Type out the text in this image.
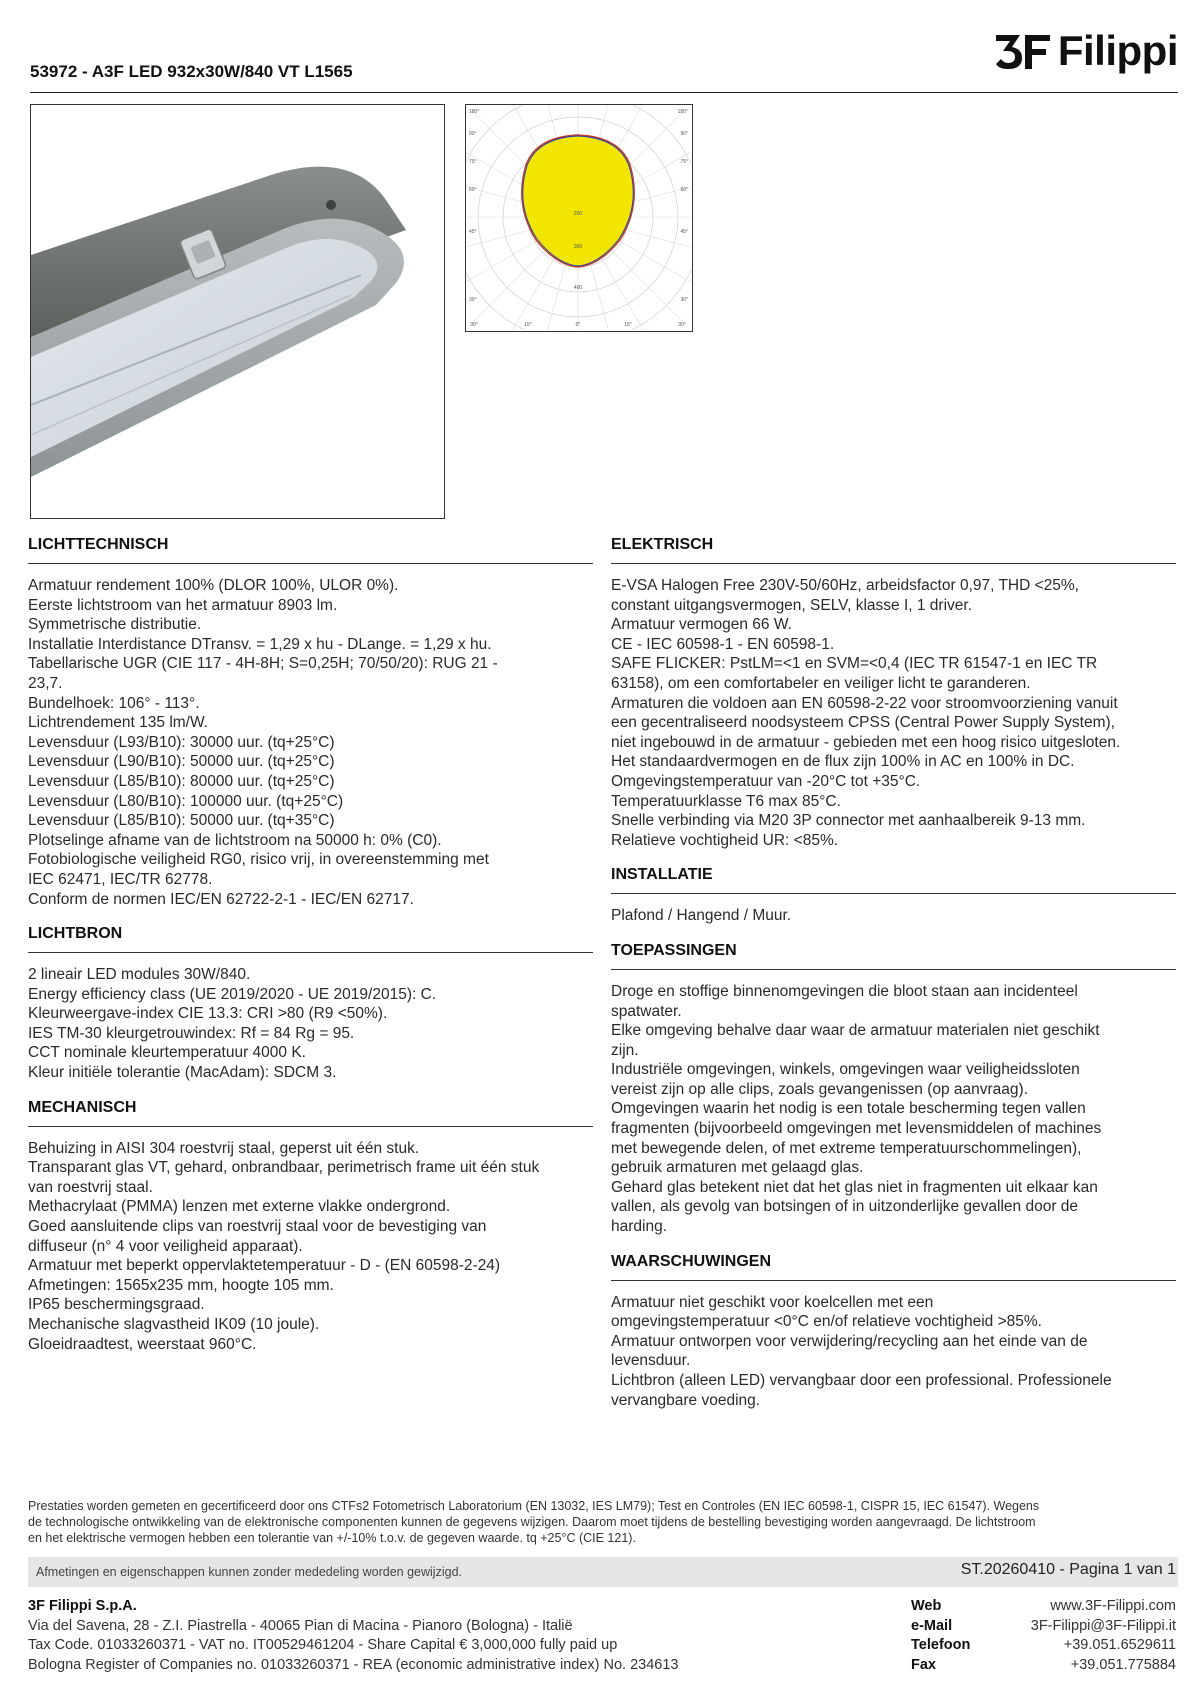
53972 - A3F LED 932x30W/840 VT L1565	Filippi
180°
90°
75°
60°
45°
30°
180°
90°
75°
60°
45°
30°
30°	15°	0°	15°	30°
200
300
400
LICHTTECHNISCH
Armatuur rendement 100% (DLOR 100%, ULOR 0%).
Eerste lichtstroom van het armatuur 8903 lm.
Symmetrische distributie.
Installatie Interdistance DTransv. = 1,29 x hu - DLange. = 1,29 x hu.
Tabellarische UGR (CIE 117 - 4H-8H; S=0,25H; 70/50/20): RUG 21 -
23,7.
Bundelhoek: 106° - 113°.
Lichtrendement 135 lm/W.
Levensduur (L93/B10): 30000 uur. (tq+25°C)
Levensduur (L90/B10): 50000 uur. (tq+25°C)
Levensduur (L85/B10): 80000 uur. (tq+25°C)
Levensduur (L80/B10): 100000 uur. (tq+25°C)
Levensduur (L85/B10): 50000 uur. (tq+35°C)
Plotselinge afname van de lichtstroom na 50000 h: 0% (C0).
Fotobiologische veiligheid RG0, risico vrij, in overeenstemming met
IEC 62471, IEC/TR 62778.
Conform de normen IEC/EN 62722-2-1 - IEC/EN 62717.
LICHTBRON
2 lineair LED modules 30W/840.
Energy efficiency class (UE 2019/2020 - UE 2019/2015): C.
Kleurweergave-index CIE 13.3: CRI >80 (R9 <50%).
IES TM-30 kleurgetrouwindex: Rf = 84 Rg = 95.
CCT nominale kleurtemperatuur 4000 K.
Kleur initiële tolerantie (MacAdam): SDCM 3.
MECHANISCH
Behuizing in AISI 304 roestvrij staal, geperst uit één stuk.
Transparant glas VT, gehard, onbrandbaar, perimetrisch frame uit één stuk
van roestvrij staal.
Methacrylaat (PMMA) lenzen met externe vlakke ondergrond.
Goed aansluitende clips van roestvrij staal voor de bevestiging van
diffuseur (n° 4 voor veiligheid apparaat).
Armatuur met beperkt oppervlaktetemperatuur - D - (EN 60598-2-24)
Afmetingen: 1565x235 mm, hoogte 105 mm.
IP65 beschermingsgraad.
Mechanische slagvastheid IK09 (10 joule).
Gloeidraadtest, weerstaat 960°C.
ELEKTRISCH
E-VSA Halogen Free 230V-50/60Hz, arbeidsfactor 0,97, THD <25%,
constant uitgangsvermogen, SELV, klasse I, 1 driver.
Armatuur vermogen 66 W.
CE - IEC 60598-1 - EN 60598-1.
SAFE FLICKER: PstLM=<1 en SVM=<0,4 (IEC TR 61547-1 en IEC TR
63158), om een comfortabeler en veiliger licht te garanderen.
Armaturen die voldoen aan EN 60598-2-22 voor stroomvoorziening vanuit
een gecentraliseerd noodsysteem CPSS (Central Power Supply System),
niet ingebouwd in de armatuur - gebieden met een hoog risico uitgesloten.
Het standaardvermogen en de flux zijn 100% in AC en 100% in DC.
Omgevingstemperatuur van -20°C tot +35°C.
Temperatuurklasse T6 max 85°C.
Snelle verbinding via M20 3P connector met aanhaalbereik 9-13 mm.
Relatieve vochtigheid UR: <85%.
INSTALLATIE
Plafond / Hangend / Muur.
TOEPASSINGEN
Droge en stoffige binnenomgevingen die bloot staan aan incidenteel
spatwater.
Elke omgeving behalve daar waar de armatuur materialen niet geschikt
zijn.
Industriële omgevingen, winkels, omgevingen waar veiligheidssloten
vereist zijn op alle clips, zoals gevangenissen (op aanvraag).
Omgevingen waarin het nodig is een totale bescherming tegen vallen
fragmenten (bijvoorbeeld omgevingen met levensmiddelen of machines
met bewegende delen, of met extreme temperatuurschommelingen),
gebruik armaturen met gelaagd glas.
Gehard glas betekent niet dat het glas niet in fragmenten uit elkaar kan
vallen, als gevolg van botsingen of in uitzonderlijke gevallen door de
harding.
WAARSCHUWINGEN
Armatuur niet geschikt voor koelcellen met een
omgevingstemperatuur <0°C en/of relatieve vochtigheid >85%.
Armatuur ontworpen voor verwijdering/recycling aan het einde van de
levensduur.
Lichtbron (alleen LED) vervangbaar door een professional. Professionele
vervangbare voeding.
Prestaties worden gemeten en gecertificeerd door ons CTFs2 Fotometrisch Laboratorium (EN 13032, IES LM79); Test en Controles (EN IEC 60598-1, CISPR 15, IEC 61547). Wegens
de technologische ontwikkeling van de elektronische componenten kunnen de gegevens wijzigen. Daarom moet tijdens de bestelling bevestiging worden aangevraagd. De lichtstroom
en het elektrische vermogen hebben een tolerantie van +/-10% t.o.v. de gegeven waarde. tq +25°C (CIE 121).
Afmetingen en eigenschappen kunnen zonder mededeling worden gewijzigd.	ST.20260410 - Pagina 1 van 1
3F Filippi S.p.A.
Via del Savena, 28 - Z.I. Piastrella - 40065 Pian di Macina - Pianoro (Bologna) - Italië
Tax Code. 01033260371 - VAT no. IT00529461204 - Share Capital € 3,000,000 fully paid up
Bologna Register of Companies no. 01033260371 - REA (economic administrative index) No. 234613
Web	www.3F-Filippi.com
e-Mail	3F-Filippi@3F-Filippi.it
Telefoon	+39.051.6529611
Fax	+39.051.775884
